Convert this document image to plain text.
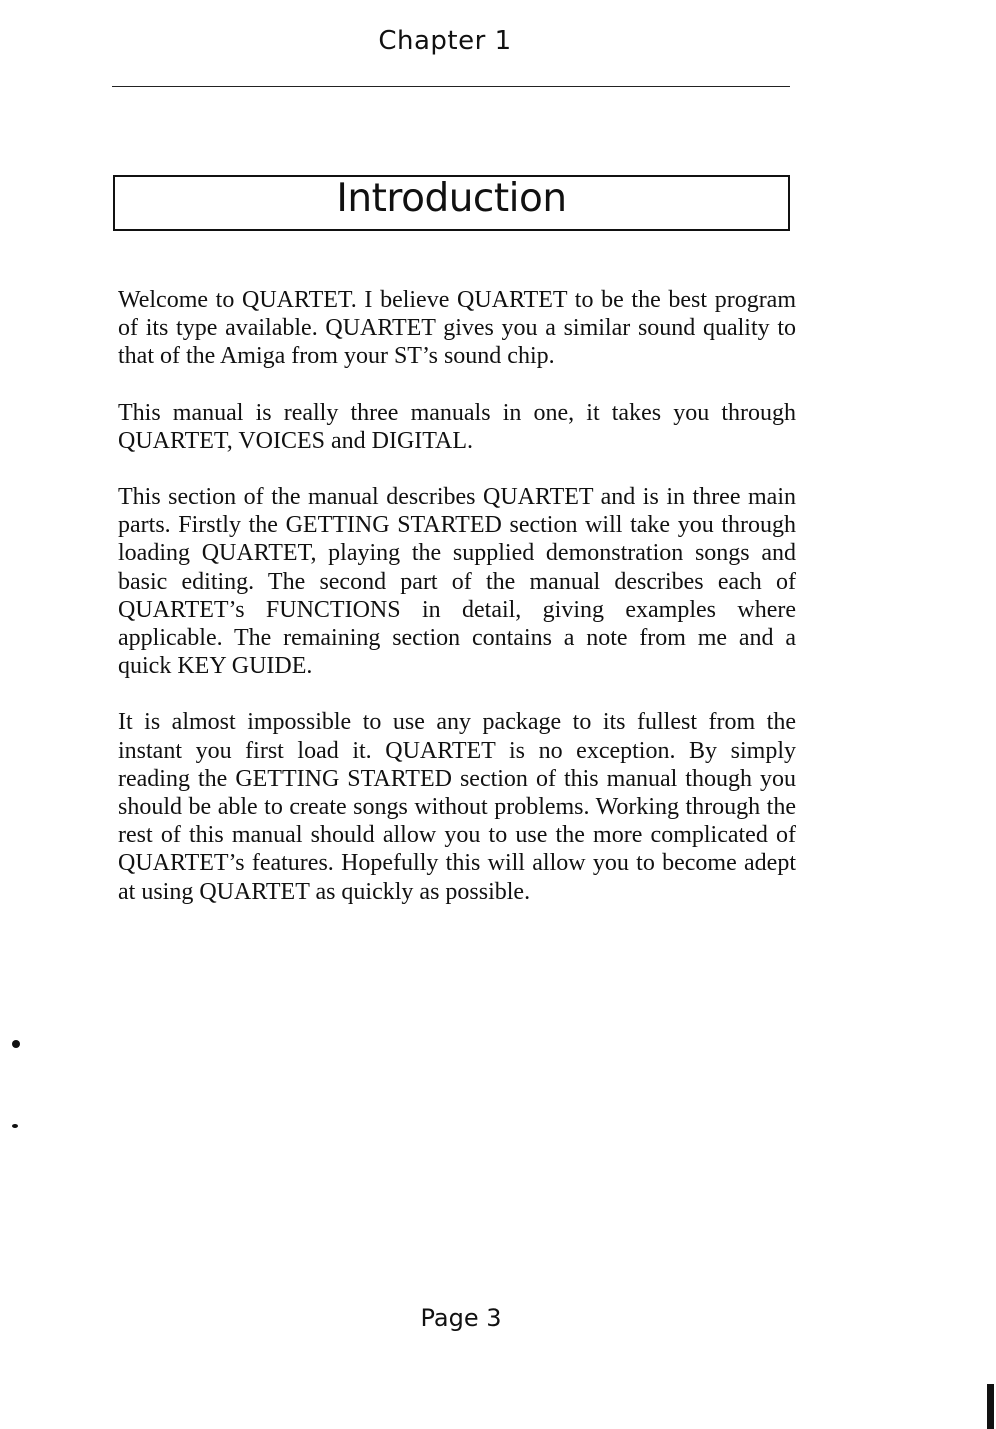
Chapter 1
Introduction

Welcome to QUARTET. I believe QUARTET to be the best program of its type available. QUARTET gives you a similar sound quality to that of the Amiga from your ST’s sound chip.

This manual is really three manuals in one, it takes you through QUARTET, VOICES and DIGITAL.

This section of the manual describes QUARTET and is in three main parts. Firstly the GETTING STARTED section will take you through loading QUARTET, playing the supplied demonstration songs and basic editing. The second part of the manual describes each of QUARTET’s FUNCTIONS in detail, giving examples where applicable. The remaining section contains a note from me and a quick KEY GUIDE.

It is almost impossible to use any package to its fullest from the instant you first load it. QUARTET is no exception. By simply reading the GETTING STARTED section of this manual though you should be able to create songs without problems. Working through the rest of this manual should allow you to use the more complicated of QUARTET’s features. Hopefully this will allow you to become adept at using QUARTET as quickly as possible.

Page 3
